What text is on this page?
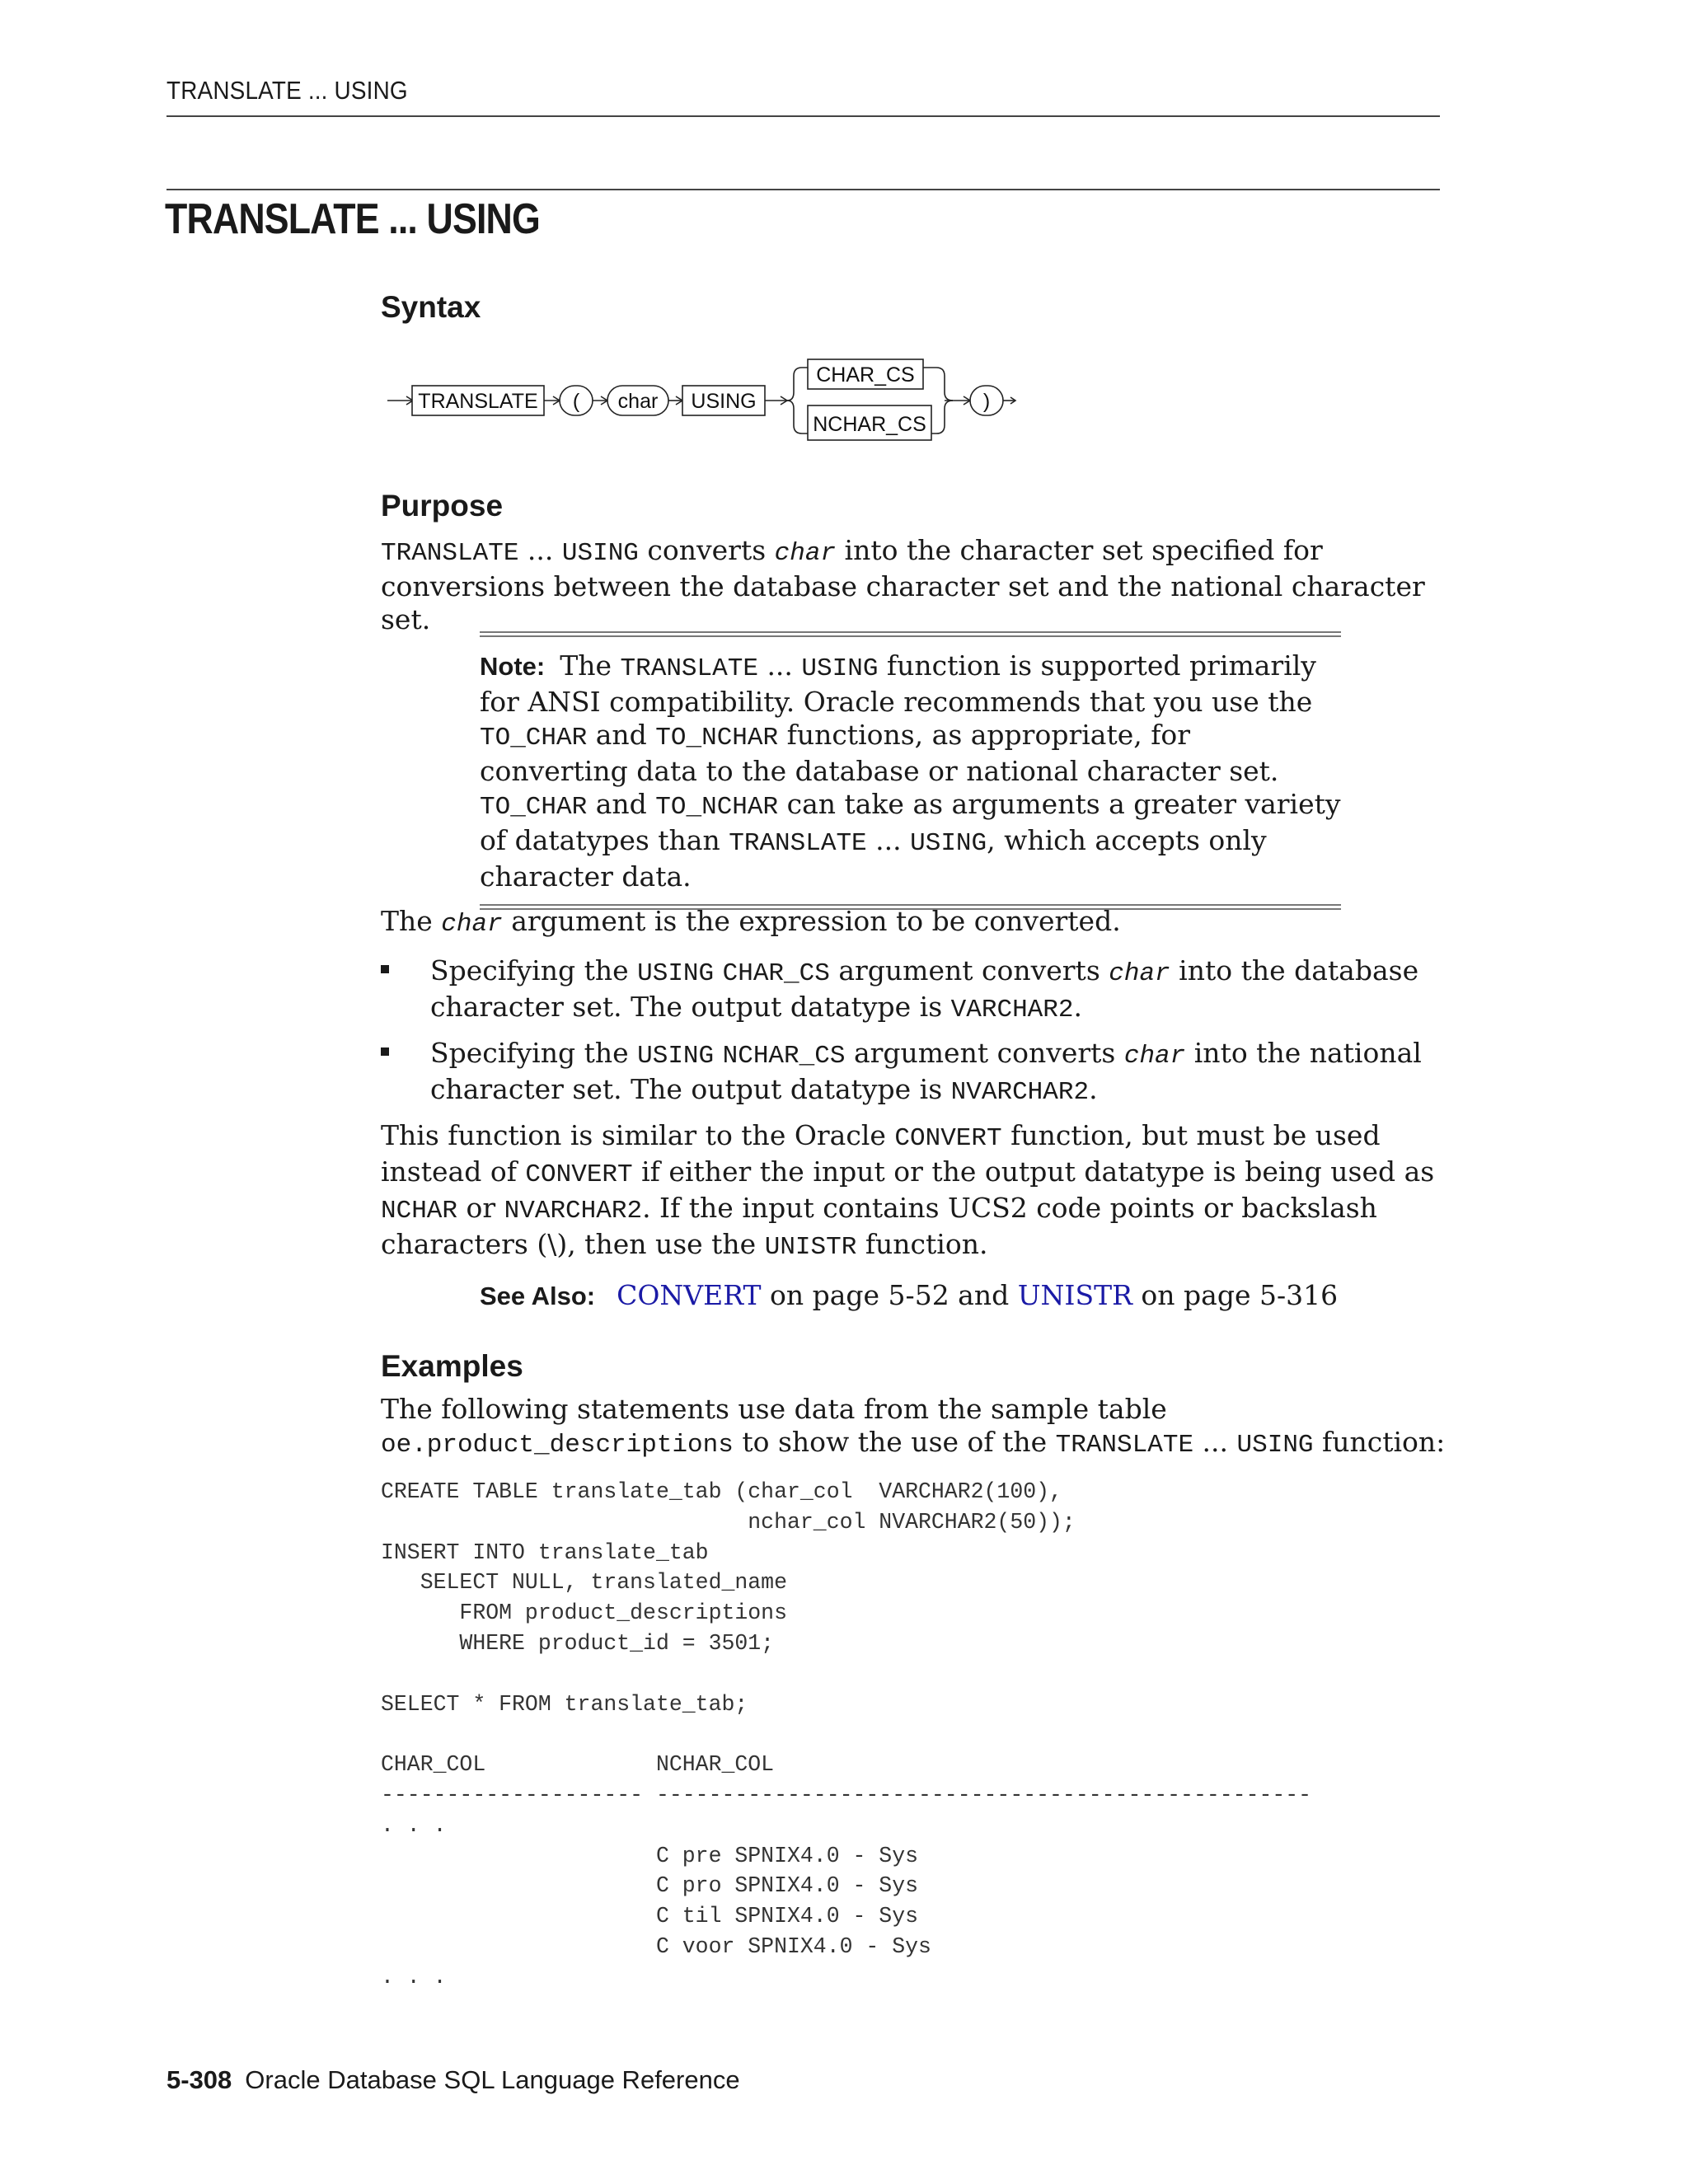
TRANSLATE ... USING
TRANSLATE ... USING
Syntax
TRANSLATE ( char USING
CHAR_CS
NCHAR_CS
)
Purpose

TRANSLATE ... USING converts char into the character set specified for conversions between the database character set and the national character set.

Note: The TRANSLATE ... USING function is supported primarily for ANSI compatibility. Oracle recommends that you use the TO_CHAR and TO_NCHAR functions, as appropriate, for converting data to the database or national character set. TO_CHAR and TO_NCHAR can take as arguments a greater variety of datatypes than TRANSLATE ... USING, which accepts only character data.

The char argument is the expression to be converted.

Specifying the USING CHAR_CS argument converts char into the database character set. The output datatype is VARCHAR2.
Specifying the USING NCHAR_CS argument converts char into the national character set. The output datatype is NVARCHAR2.

This function is similar to the Oracle CONVERT function, but must be used instead of CONVERT if either the input or the output datatype is being used as NCHAR or NVARCHAR2. If the input contains UCS2 code points or backslash characters (\), then use the UNISTR function.

See Also: CONVERT on page 5-52 and UNISTR on page 5-316
Examples

The following statements use data from the sample table oe.product_descriptions to show the use of the TRANSLATE ... USING function:

CREATE TABLE translate_tab (char_col  VARCHAR2(100),
nchar_col NVARCHAR2(50));
INSERT INTO translate_tab
SELECT NULL, translated_name
FROM product_descriptions
WHERE product_id = 3501;

SELECT * FROM translate_tab;

CHAR_COL             NCHAR_COL
-------------------- --------------------------------------------------
. . .
C pre SPNIX4.0 - Sys
C pro SPNIX4.0 - Sys
C til SPNIX4.0 - Sys
C voor SPNIX4.0 - Sys
. . .
5-308 Oracle Database SQL Language Reference
